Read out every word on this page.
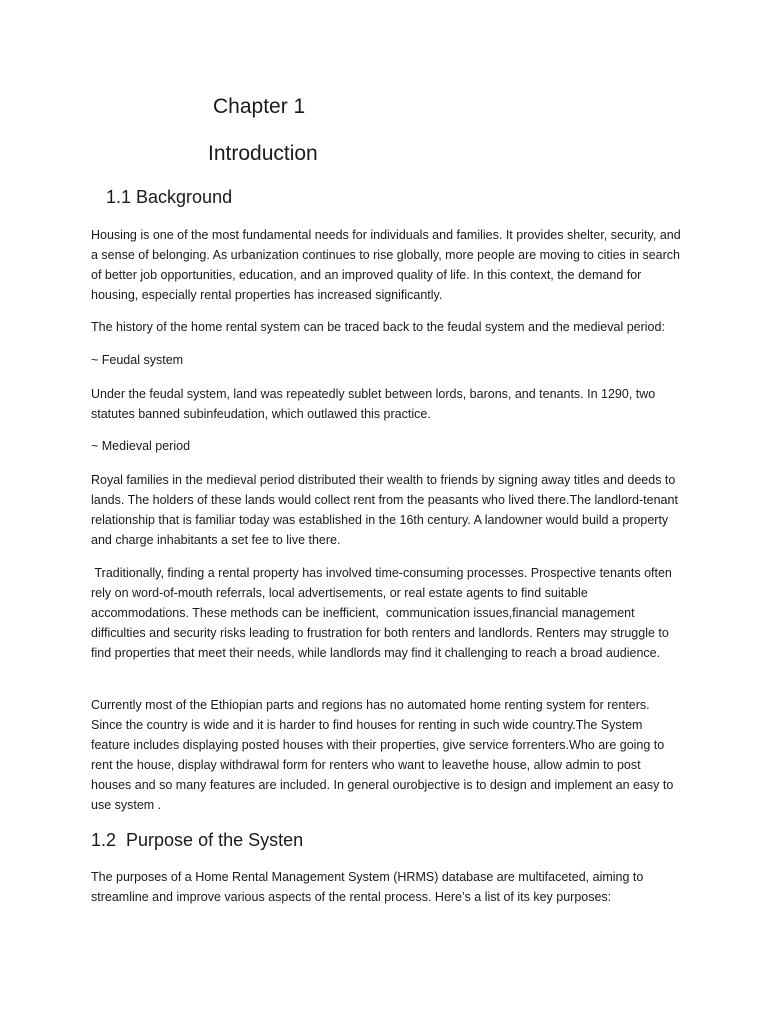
Chapter 1
Introduction
1.1 Background

Housing is one of the most fundamental needs for individuals and families. It provides shelter, security, and a sense of belonging. As urbanization continues to rise globally, more people are moving to cities in search of better job opportunities, education, and an improved quality of life. In this context, the demand for housing, especially rental properties has increased significantly.

The history of the home rental system can be traced back to the feudal system and the medieval period:

~ Feudal system

Under the feudal system, land was repeatedly sublet between lords, barons, and tenants. In 1290, two statutes banned subinfeudation, which outlawed this practice.

~ Medieval period

Royal families in the medieval period distributed their wealth to friends by signing away titles and deeds to lands. The holders of these lands would collect rent from the peasants who lived there.The landlord-tenant relationship that is familiar today was established in the 16th century. A landowner would build a property and charge inhabitants a set fee to live there.

Traditionally, finding a rental property has involved time-consuming processes. Prospective tenants often rely on word-of-mouth referrals, local advertisements, or real estate agents to find suitable accommodations. These methods can be inefficient,  communication issues,financial management difficulties and security risks leading to frustration for both renters and landlords. Renters may struggle to find properties that meet their needs, while landlords may find it challenging to reach a broad audience.

Currently most of the Ethiopian parts and regions has no automated home renting system for renters. Since the country is wide and it is harder to find houses for renting in such wide country.The System feature includes displaying posted houses with their properties, give service forrenters.Who are going to rent the house, display withdrawal form for renters who want to leavethe house, allow admin to post houses and so many features are included. In general ourobjective is to design and implement an easy to use system .

1.2  Purpose of the Systen

The purposes of a Home Rental Management System (HRMS) database are multifaceted, aiming to streamline and improve various aspects of the rental process. Here’s a list of its key purposes:
